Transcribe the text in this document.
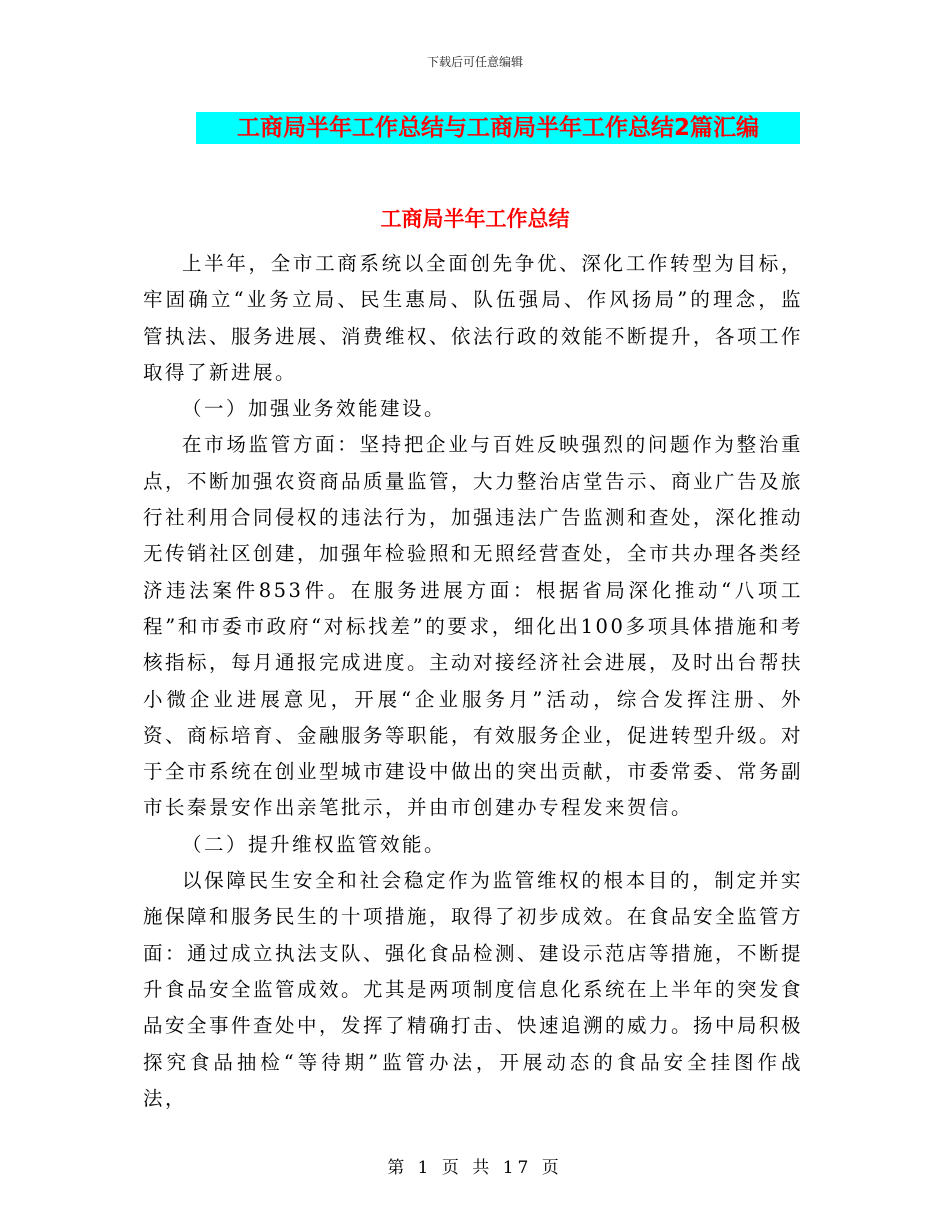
下载后可任意编辑
工商局半年工作总结与工商局半年工作总结2篇汇编
工商局半年工作总结

上半年，全市工商系统以全面创先争优、深化工作转型为目标，牢固确立“业务立局、民生惠局、队伍强局、作风扬局”的理念，监管执法、服务进展、消费维权、依法行政的效能不断提升，各项工作取得了新进展。

（一）加强业务效能建设。

在市场监管方面：坚持把企业与百姓反映强烈的问题作为整治重点，不断加强农资商品质量监管，大力整治店堂告示、商业广告及旅行社利用合同侵权的违法行为，加强违法广告监测和查处，深化推动无传销社区创建，加强年检验照和无照经营查处，全市共办理各类经济违法案件853件。在服务进展方面：根据省局深化推动“八项工程”和市委市政府“对标找差”的要求，细化出100多项具体措施和考核指标，每月通报完成进度。主动对接经济社会进展，及时出台帮扶小微企业进展意见，开展“企业服务月”活动，综合发挥注册、外资、商标培育、金融服务等职能，有效服务企业，促进转型升级。对于全市系统在创业型城市建设中做出的突出贡献，市委常委、常务副市长秦景安作出亲笔批示，并由市创建办专程发来贺信。

（二）提升维权监管效能。

以保障民生安全和社会稳定作为监管维权的根本目的，制定并实施保障和服务民生的十项措施，取得了初步成效。在食品安全监管方面：通过成立执法支队、强化食品检测、建设示范店等措施，不断提升食品安全监管成效。尤其是两项制度信息化系统在上半年的突发食品安全事件查处中，发挥了精确打击、快速追溯的威力。扬中局积极探究食品抽检“等待期”监管办法，开展动态的食品安全挂图作战法，

第 1 页 共 17 页
